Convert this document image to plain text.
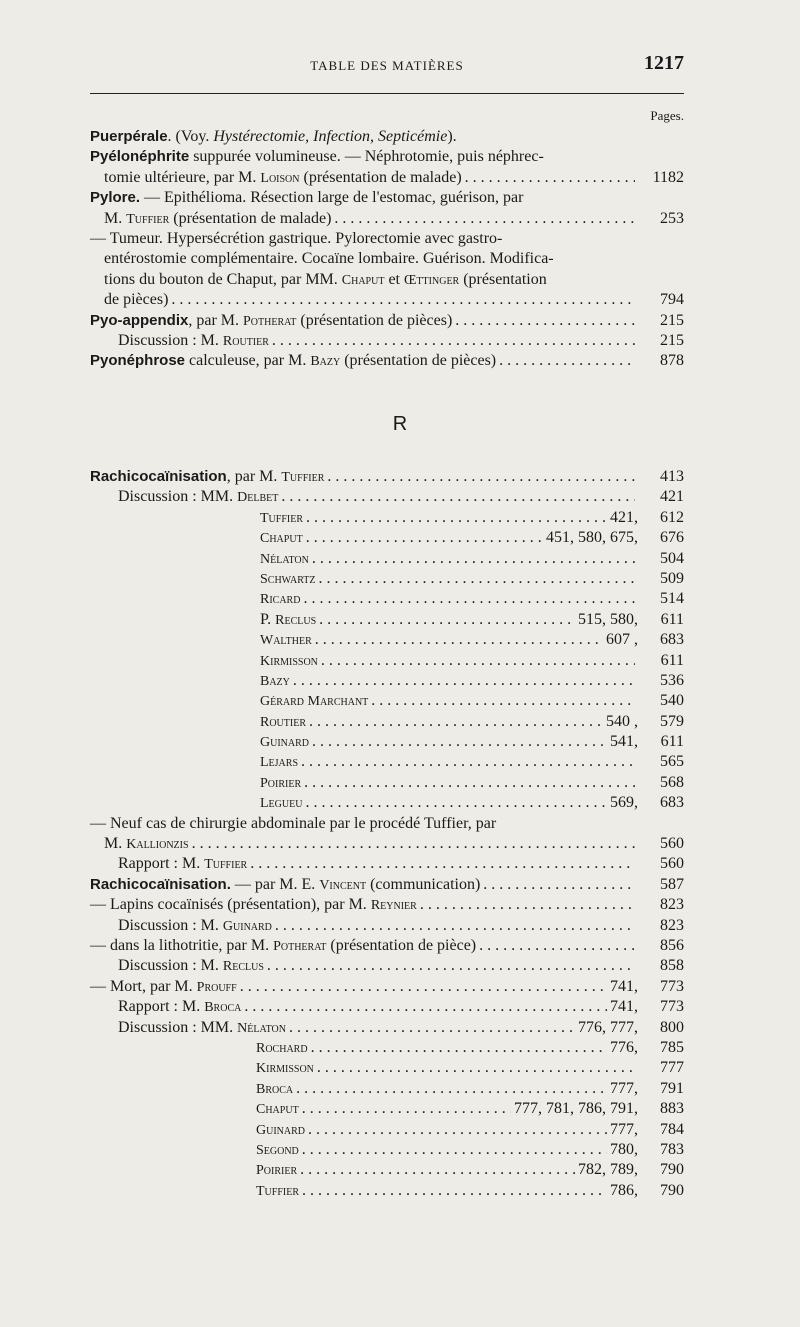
TABLE DES MATIÈRES	1217
Pages.
Puerpérale. (Voy. Hystérectomie, Infection, Septicémie).
Pyélonéphrite suppurée volumineuse. — Néphrotomie, puis néphrec-
tomie ultérieure, par M. Loison (présentation de malade) . . .	1182
Pylore. — Epithélioma. Résection large de l'estomac, guérison, par
M. Tuffier (présentation de malade) . . .	253
— Tumeur. Hypersécrétion gastrique. Pylorectomie avec gastro-
entérostomie complémentaire. Cocaïne lombaire. Guérison. Modifica-
tions du bouton de Chaput, par MM. Chaput et Œttinger (présentation
de pièces) . . .	794
Pyo-appendix, par M. Potherat (présentation de pièces) . . .	215
Discussion : M. Routier . . .	215
Pyonéphrose calculeuse, par M. Bazy (présentation de pièces) . . .	878
R
Rachicocaïnisation, par M. Tuffier . . .	413
Discussion : MM. Delbet . . .	421
Tuffier . . .	421,	612
Chaput . . .	451, 580, 675,	676
Nélaton . . .	504
Schwartz . . .	509
Ricard . . .	514
P. Reclus . . .	515, 580,	611
Walther . . .	607 ,	683
Kirmisson . . .	611
Bazy . . .	536
Gérard Marchant . . .	540
Routier . . .	540 ,	579
Guinard . . .	541,	611
Lejars . . .	565
Poirier . . .	568
Legueu . . .	569,	683
— Neuf cas de chirurgie abdominale par le procédé Tuffier, par
M. Kallionzis . . .	560
Rapport : M. Tuffier . . .	560
Rachicocaïnisation. — par M. E. Vincent (communication) . . .	587
— Lapins cocaïnisés (présentation), par M. Reynier . . .	823
Discussion : M. Guinard . . .	823
— dans la lithotritie, par M. Potherat (présentation de pièce) . . .	856
Discussion : M. Reclus . . .	858
— Mort, par M. Prouff . . .	741,	773
Rapport : M. Broca . . .	741,	773
Discussion : MM. Nélaton . . .	776, 777,	800
Rochard . . .	776,	785
Kirmisson . . .	777
Broca . . .	777,	791
Chaput . . .	777, 781, 786, 791,	883
Guinard . . .	777,	784
Segond . . .	780,	783
Poirier . . .	782, 789,	790
Tuffier . . .	786,	790
